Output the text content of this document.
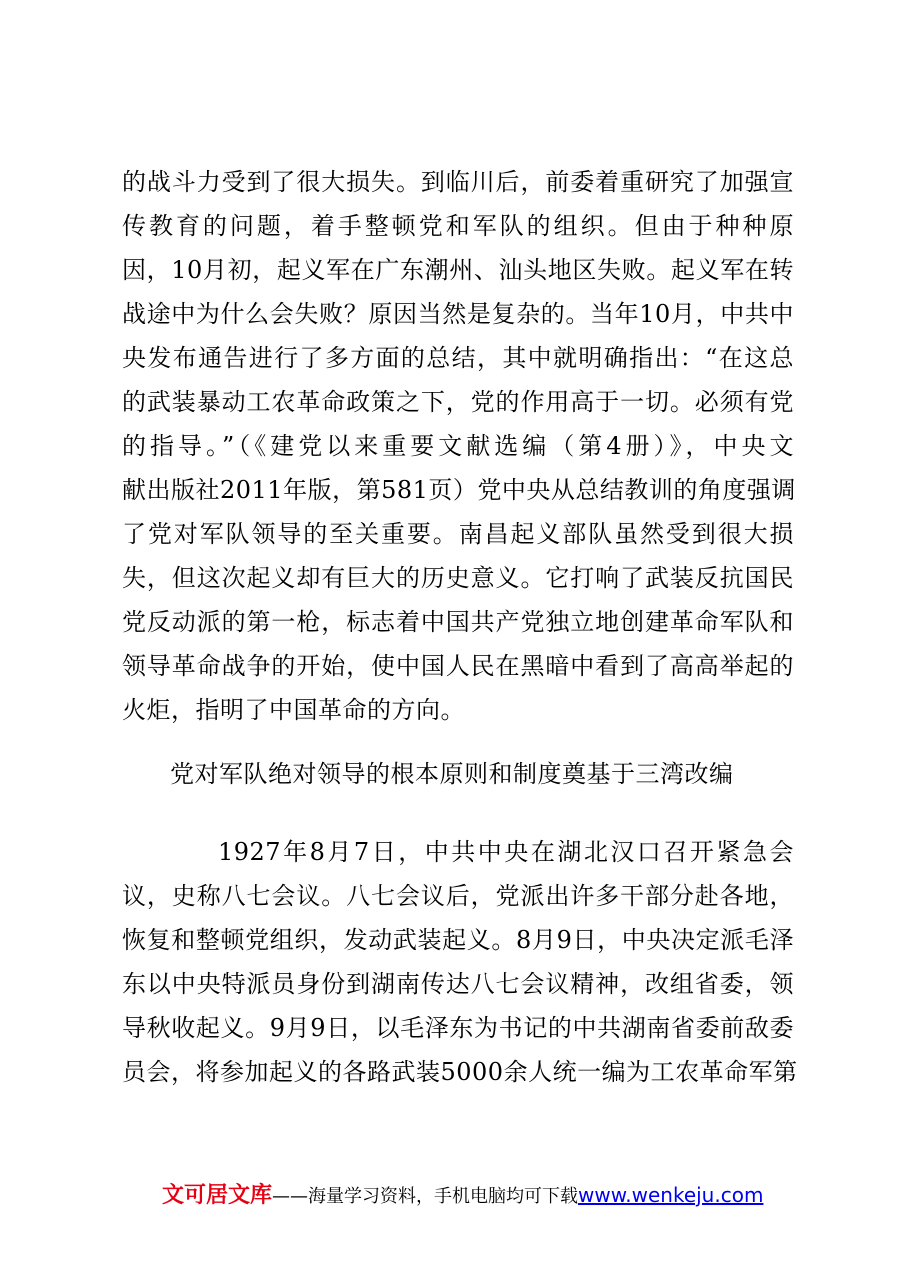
的战斗力受到了很大损失。到临川后，前委着重研究了加强宣
传教育的问题，着手整顿党和军队的组织。但由于种种原
因，10月初，起义军在广东潮州、汕头地区失败。起义军在转
战途中为什么会失败？原因当然是复杂的。当年10月，中共中
央发布通告进行了多方面的总结，其中就明确指出：“在这总
的武装暴动工农革命政策之下，党的作用高于一切。必须有党
的指导。”（《建党以来重要文献选编（第4册）》，中央文
献出版社2011年版，第581页）党中央从总结教训的角度强调
了党对军队领导的至关重要。南昌起义部队虽然受到很大损
失，但这次起义却有巨大的历史意义。它打响了武装反抗国民
党反动派的第一枪，标志着中国共产党独立地创建革命军队和
领导革命战争的开始，使中国人民在黑暗中看到了高高举起的
火炬，指明了中国革命的方向。
党对军队绝对领导的根本原则和制度奠基于三湾改编
1927年8月7日，中共中央在湖北汉口召开紧急会
议，史称八七会议。八七会议后，党派出许多干部分赴各地，
恢复和整顿党组织，发动武装起义。8月9日，中央决定派毛泽
东以中央特派员身份到湖南传达八七会议精神，改组省委，领
导秋收起义。9月9日，以毛泽东为书记的中共湖南省委前敌委
员会，将参加起义的各路武装5000余人统一编为工农革命军第
文可居文库——海量学习资料，手机电脑均可下载www.wenkeju.com
